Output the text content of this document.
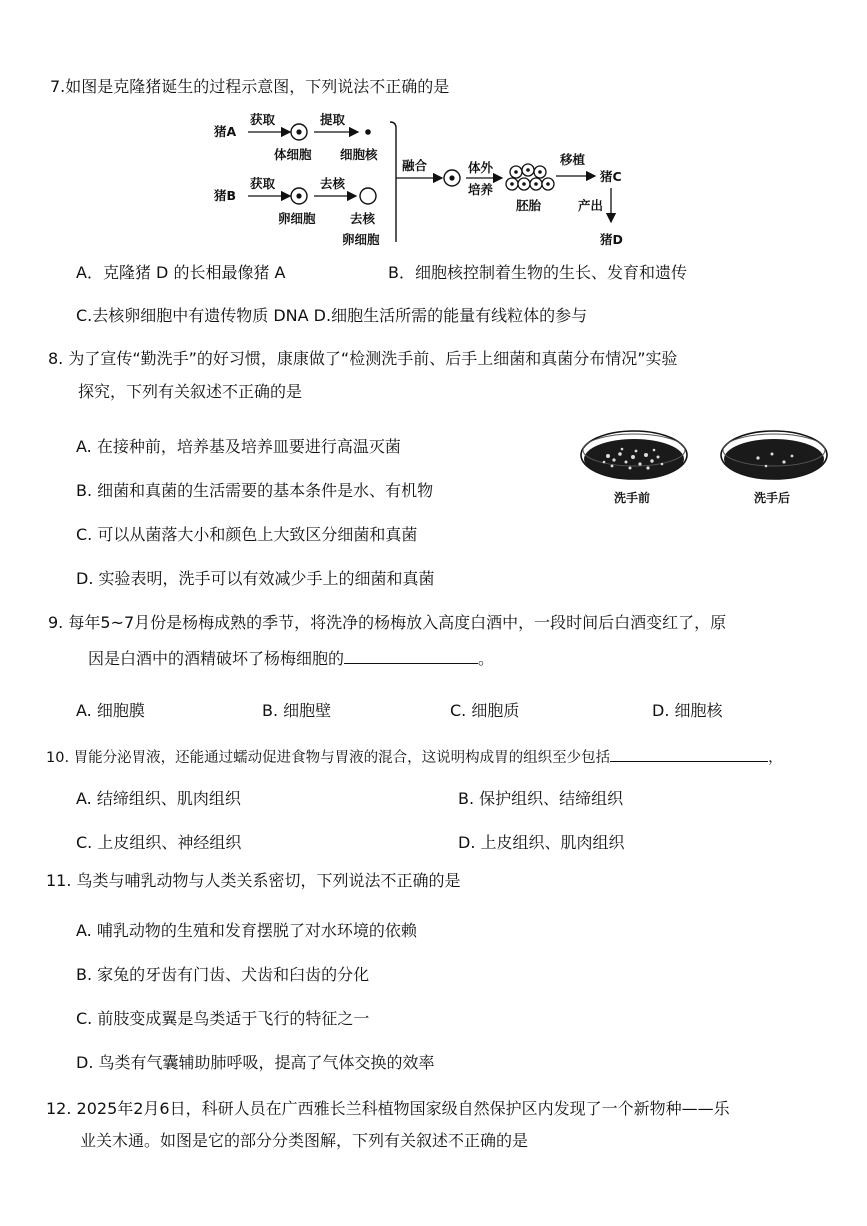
7.如图是克隆猪诞生的过程示意图，下列说法不正确的是
猪A
获取	提取
体细胞 细胞核
猪B
获取	去核
卵细胞	去核
卵细胞
融合	体外
培养
胚胎
移植
猪C
产出
猪D
A．克隆猪 D 的长相最像猪 A	B．细胞核控制着生物的生长、发育和遗传
C.去核卵细胞中有遗传物质 DNA D.细胞生活所需的能量有线粒体的参与
8. 为了宣传“勤洗手”的好习惯，康康做了“检测洗手前、后手上细菌和真菌分布情况”实验
探究，下列有关叙述不正确的是
A. 在接种前，培养基及培养皿要进行高温灭菌
B. 细菌和真菌的生活需要的基本条件是水、有机物
C. 可以从菌落大小和颜色上大致区分细菌和真菌
D. 实验表明，洗手可以有效减少手上的细菌和真菌
洗手前	洗手后
9. 每年5~7月份是杨梅成熟的季节，将洗净的杨梅放入高度白酒中，一段时间后白酒变红了，原
因是白酒中的酒精破坏了杨梅细胞的	。
A. 细胞膜	B. 细胞壁	C. 细胞质	D. 细胞核
10. 胃能分泌胃液，还能通过蠕动促进食物与胃液的混合，这说明构成胃的组织至少包括	，
A. 结缔组织、肌肉组织	B. 保护组织、结缔组织
C. 上皮组织、神经组织	D. 上皮组织、肌肉组织
11. 鸟类与哺乳动物与人类关系密切，下列说法不正确的是
A. 哺乳动物的生殖和发育摆脱了对水环境的依赖
B. 家兔的牙齿有门齿、犬齿和臼齿的分化
C. 前肢变成翼是鸟类适于飞行的特征之一
D. 鸟类有气囊辅助肺呼吸，提高了气体交换的效率
12. 2025年2月6日，科研人员在广西雅长兰科植物国家级自然保护区内发现了一个新物种——乐
业关木通。如图是它的部分分类图解，下列有关叙述不正确的是
